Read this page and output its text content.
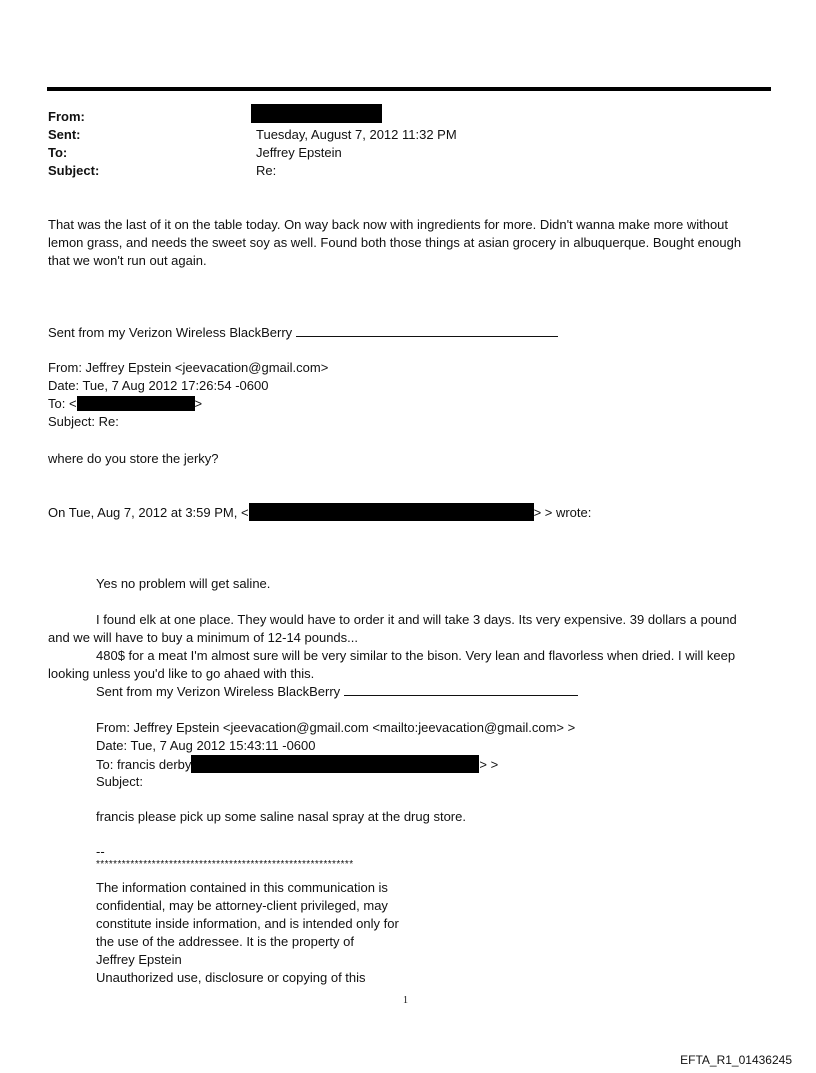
From:
Sent:	Tuesday, August 7, 2012 11:32 PM
To:	Jeffrey Epstein
Subject:	Re:
That was the last of it on the table today. On way back now with ingredients for more. Didn't wanna make more without
lemon grass, and needs the sweet soy as well. Found both those things at asian grocery in albuquerque. Bought enough
that we won't run out again.
Sent from my Verizon Wireless BlackBerry
From: Jeffrey Epstein <jeevacation@gmail.com>
Date: Tue, 7 Aug 2012 17:26:54 -0600
To: <	>
Subject: Re:
where do you store the jerky?
On Tue, Aug 7, 2012 at 3:59 PM, <	> > wrote:
Yes no problem will get saline.
I found elk at one place. They would have to order it and will take 3 days. Its very expensive. 39 dollars a pound
and we will have to buy a minimum of 12-14 pounds...
480$ for a meat I'm almost sure will be very similar to the bison. Very lean and flavorless when dried. I will keep
looking unless you'd like to go ahaed with this.
Sent from my Verizon Wireless BlackBerry
From: Jeffrey Epstein <jeevacation@gmail.com <mailto:jeevacation@gmail.com> >
Date: Tue, 7 Aug 2012 15:43:11 -0600
To: francis derby	> >
Subject:
francis please pick up some saline nasal spray at the drug store.
--
************************************************************
The information contained in this communication is
confidential, may be attorney-client privileged, may
constitute inside information, and is intended only for
the use of the addressee. It is the property of
Jeffrey Epstein
Unauthorized use, disclosure or copying of this
1
EFTA_R1_01436245
